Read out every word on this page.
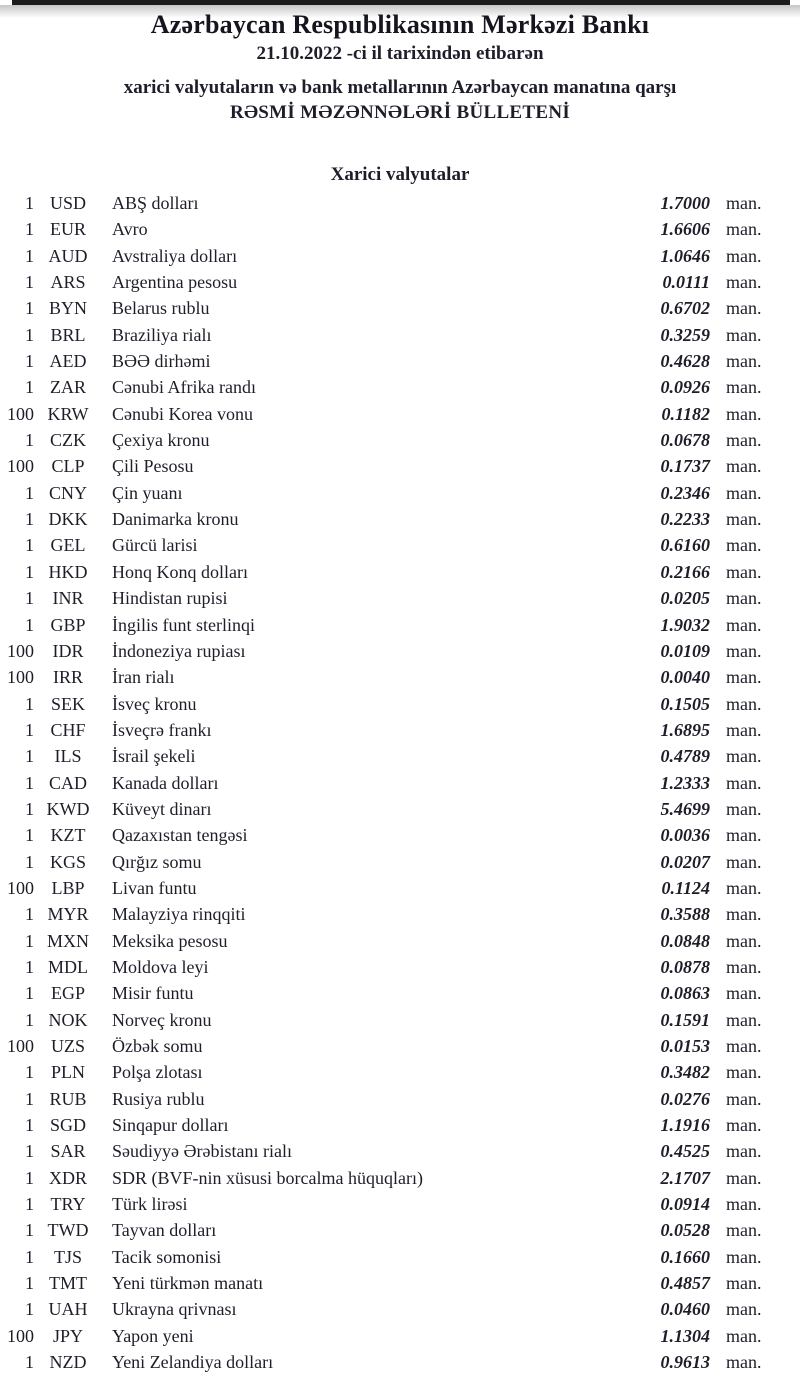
Azərbaycan Respublikasının Mərkəzi Bankı
21.10.2022 -ci il tarixindən etibarən
xarici valyutaların və bank metallarının Azərbaycan manatına qarşı
RƏSMİ MƏZƏNNƏLƏRİ BÜLLETENİ
Xarici valyutalar
1 USD	ABŞ dolları	1.7000 man.
1 EUR	Avro	1.6606 man.
1 AUD	Avstraliya dolları	1.0646 man.
1 ARS	Argentina pesosu	0.0111 man.
1 BYN	Belarus rublu	0.6702 man.
1 BRL	Braziliya rialı	0.3259 man.
1 AED	BƏƏ dirhəmi	0.4628 man.
1 ZAR	Cənubi Afrika randı	0.0926 man.
100 KRW	Cənubi Korea vonu	0.1182 man.
1 CZK	Çexiya kronu	0.0678 man.
100 CLP	Çili Pesosu	0.1737 man.
1 CNY	Çin yuanı	0.2346 man.
1 DKK	Danimarka kronu	0.2233 man.
1 GEL	Gürcü larisi	0.6160 man.
1 HKD	Honq Konq dolları	0.2166 man.
1	INR	Hindistan rupisi	0.0205 man.
1 GBP	İngilis funt sterlinqi	1.9032 man.
100	IDR	İndoneziya rupiası	0.0109 man.
100	IRR	İran rialı	0.0040 man.
1 SEK	İsveç kronu	0.1505 man.
1 CHF	İsveçrə frankı	1.6895 man.
1	ILS	İsrail şekeli	0.4789 man.
1 CAD	Kanada dolları	1.2333 man.
1 KWD	Küveyt dinarı	5.4699 man.
1 KZT	Qazaxıstan tengəsi	0.0036 man.
1 KGS	Qırğız somu	0.0207 man.
100 LBP	Livan funtu	0.1124 man.
1 MYR	Malayziya rinqqiti	0.3588 man.
1 MXN	Meksika pesosu	0.0848 man.
1 MDL	Moldova leyi	0.0878 man.
1 EGP	Misir funtu	0.0863 man.
1 NOK	Norveç kronu	0.1591 man.
100 UZS	Özbək somu	0.0153 man.
1 PLN	Polşa zlotası	0.3482 man.
1 RUB	Rusiya rublu	0.0276 man.
1 SGD	Sinqapur dolları	1.1916 man.
1 SAR	Səudiyyə Ərəbistanı rialı	0.4525 man.
1 XDR	SDR (BVF-nin xüsusi borcalma hüquqları)	2.1707 man.
1 TRY	Türk lirəsi	0.0914 man.
1 TWD	Tayvan dolları	0.0528 man.
1	TJS	Tacik somonisi	0.1660 man.
1 TMT	Yeni türkmən manatı	0.4857 man.
1 UAH	Ukrayna qrivnası	0.0460 man.
100	JPY	Yapon yeni	1.1304 man.
1 NZD	Yeni Zelandiya dolları	0.9613 man.
